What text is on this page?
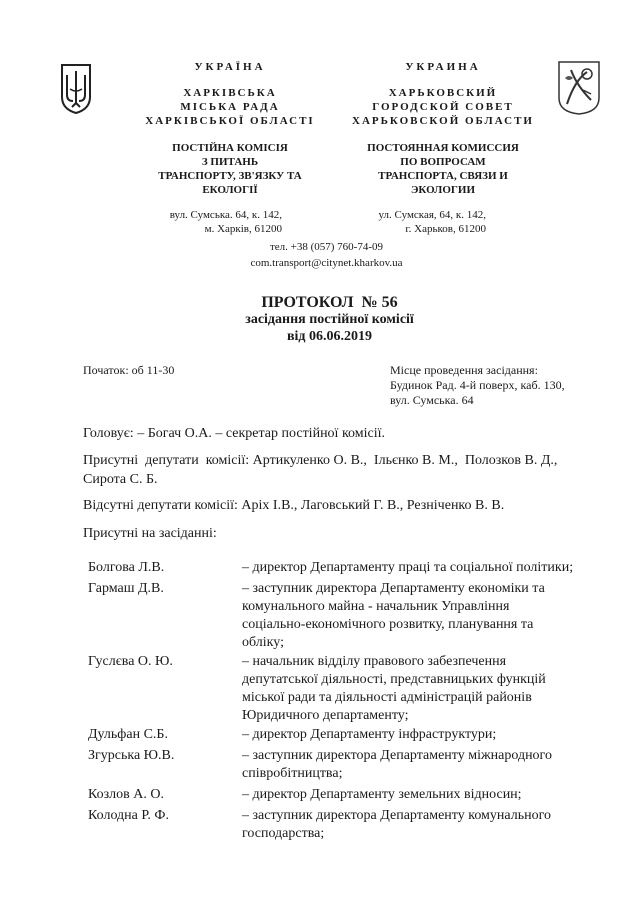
УКРАЇНА
ХАРКІВСЬКА
МІСЬКА РАДА
ХАРКІВСЬКОЇ ОБЛАСТІ
ПОСТІЙНА КОМІСІЯ
З ПИТАНЬ
ТРАНСПОРТУ, ЗВ'ЯЗКУ ТА
ЕКОЛОГІЇ
УКРАИНА
ХАРЬКОВСКИЙ
ГОРОДСКОЙ СОВЕТ
ХАРЬКОВСКОЙ ОБЛАСТИ
ПОСТОЯННАЯ КОМИССИЯ
ПО ВОПРОСАМ
ТРАНСПОРТА, СВЯЗИ И
ЭКОЛОГИИ
вул. Сумська. 64, к. 142,
м. Харків, 61200
ул. Сумская, 64, к. 142,
г. Харьков, 61200
тел. +38 (057) 760-74-09
com.transport@citynet.kharkov.ua
ПРОТОКОЛ  № 56
засідання постійної комісії
від 06.06.2019
Початок: об 11-30	Місце проведення засідання:
Будинок Рад. 4-й поверх, каб. 130,
вул. Сумська. 64
Головує: – Богач О.А. – секретар постійної комісії.
Присутні  депутати  комісії: Артикуленко О. В.,  Ільєнко В. М.,  Полозков В. Д.,
Сирота С. Б.
Відсутні депутати комісії: Аріх І.В., Лаговський Г. В., Резніченко В. В.
Присутні на засіданні:
Болгова Л.В.	– директор Департаменту праці та соціальної політики;
Гармаш Д.В.	– заступник директора Департаменту економіки та
комунального майна - начальник Управління
соціально-економічного розвитку, планування та
обліку;
Гуслєва О. Ю.	– начальник відділу правового забезпечення
депутатської діяльності, представницьких функцій
міської ради та діяльності адміністрацій районів
Юридичного департаменту;
Дульфан С.Б.	– директор Департаменту інфраструктури;
Згурська Ю.В.	– заступник директора Департаменту міжнародного
співробітництва;
Козлов А. О.	– директор Департаменту земельних відносин;
Колодна Р. Ф.	– заступник директора Департаменту комунального
господарства;
